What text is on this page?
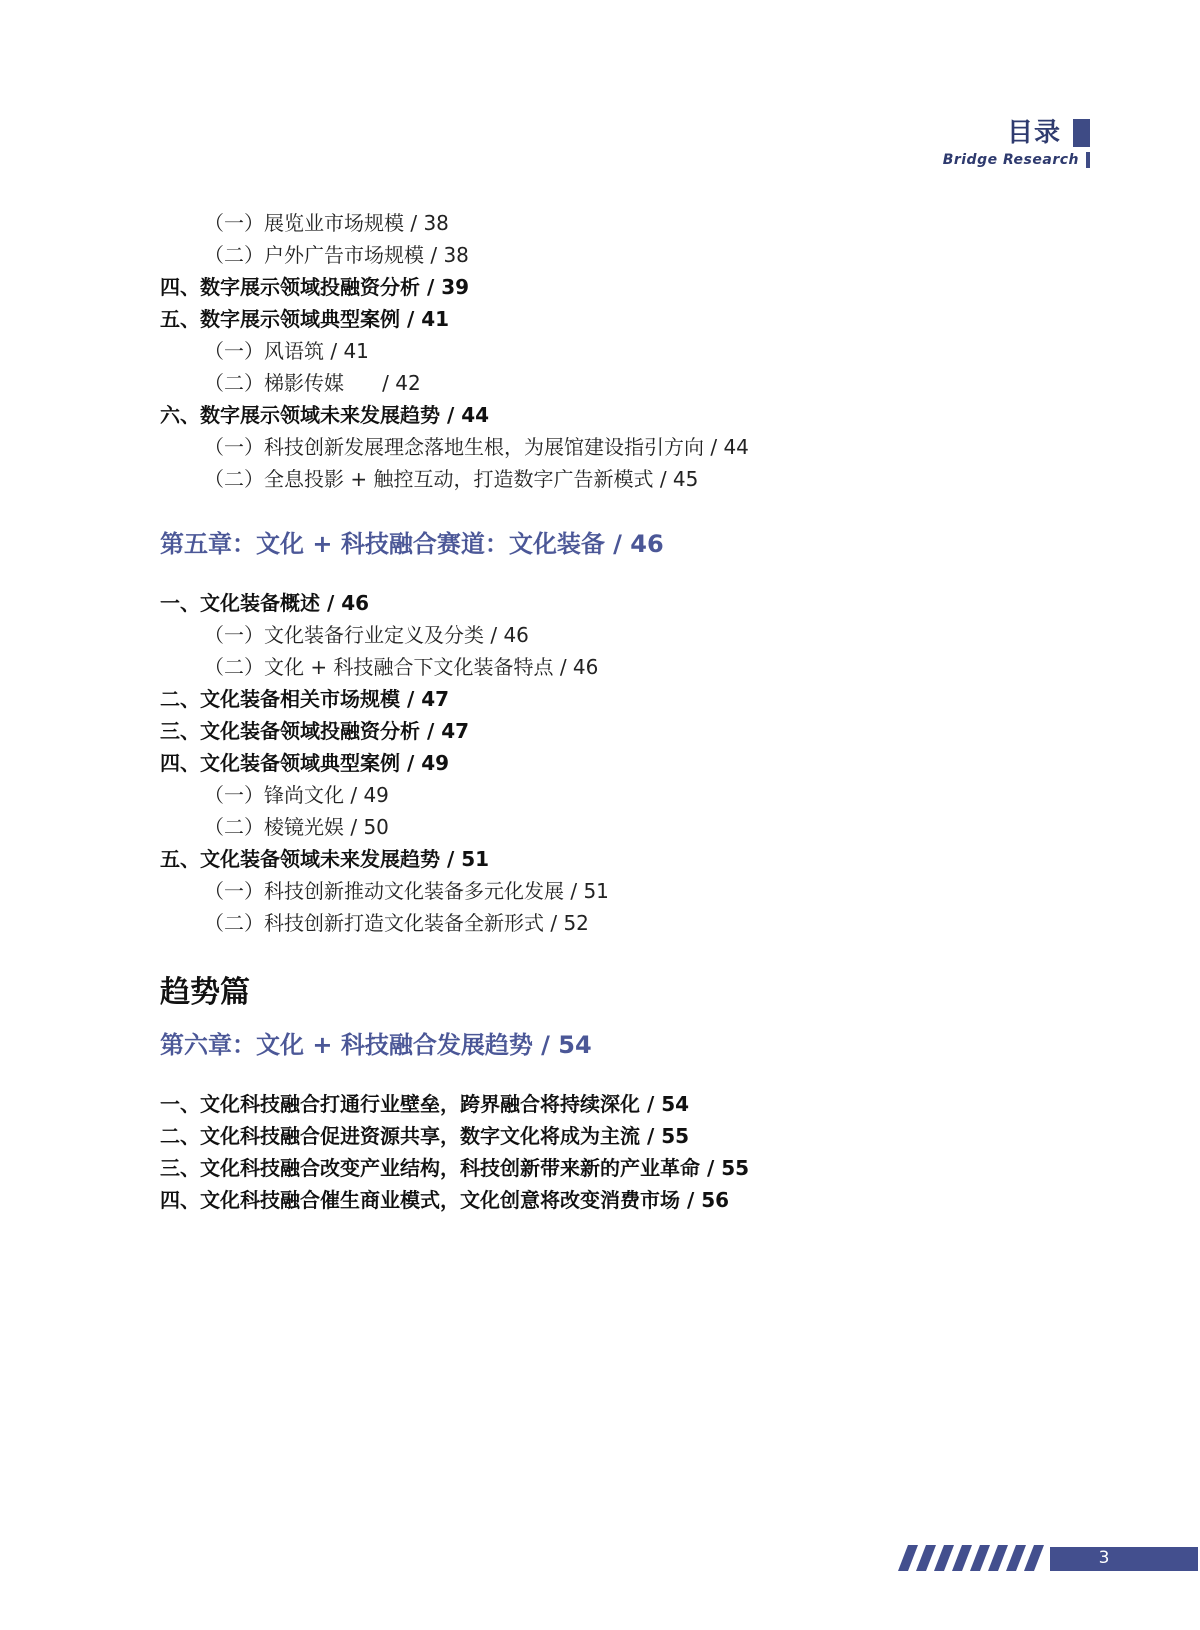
目录
Bridge Research
（一）展览业市场规模 / 38
（二）户外广告市场规模 / 38
四、数字展示领域投融资分析 / 39
五、数字展示领域典型案例 / 41
（一）风语筑 / 41
（二）梯影传媒      / 42
六、数字展示领域未来发展趋势 / 44
（一）科技创新发展理念落地生根，为展馆建设指引方向 / 44
（二）全息投影 + 触控互动，打造数字广告新模式 / 45
第五章：文化 + 科技融合赛道：文化装备 / 46
一、文化装备概述 / 46
（一）文化装备行业定义及分类 / 46
（二）文化 + 科技融合下文化装备特点 / 46
二、文化装备相关市场规模 / 47
三、文化装备领域投融资分析 / 47
四、文化装备领域典型案例 / 49
（一）锋尚文化 / 49
（二）棱镜光娱 / 50
五、文化装备领域未来发展趋势 / 51
（一）科技创新推动文化装备多元化发展 / 51
（二）科技创新打造文化装备全新形式 / 52
趋势篇
第六章：文化 + 科技融合发展趋势 / 54
一、文化科技融合打通行业壁垒，跨界融合将持续深化 / 54
二、文化科技融合促进资源共享，数字文化将成为主流 / 55
三、文化科技融合改变产业结构，科技创新带来新的产业革命 / 55
四、文化科技融合催生商业模式，文化创意将改变消费市场 / 56
3
